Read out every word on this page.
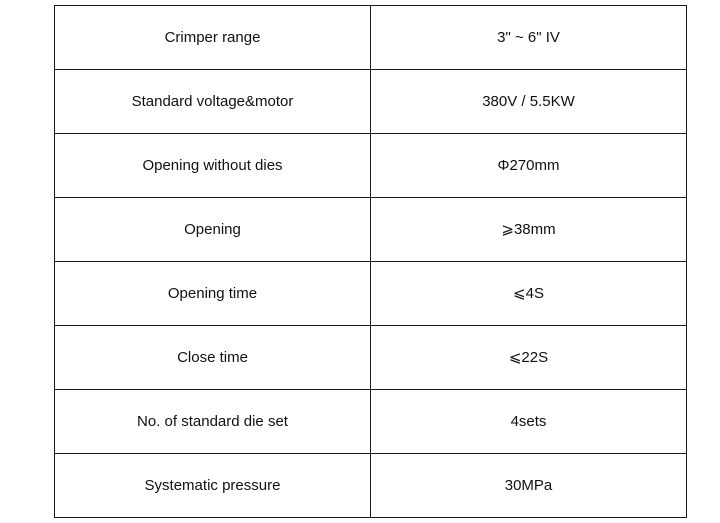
Crimper range	3" ~ 6" IV
Standard voltage&motor	380V / 5.5KW
Opening without dies	Φ270mm
Opening	⩾38mm
Opening time	⩽4S
Close time	⩽22S
No. of standard die set	4sets
Systematic pressure	30MPa
